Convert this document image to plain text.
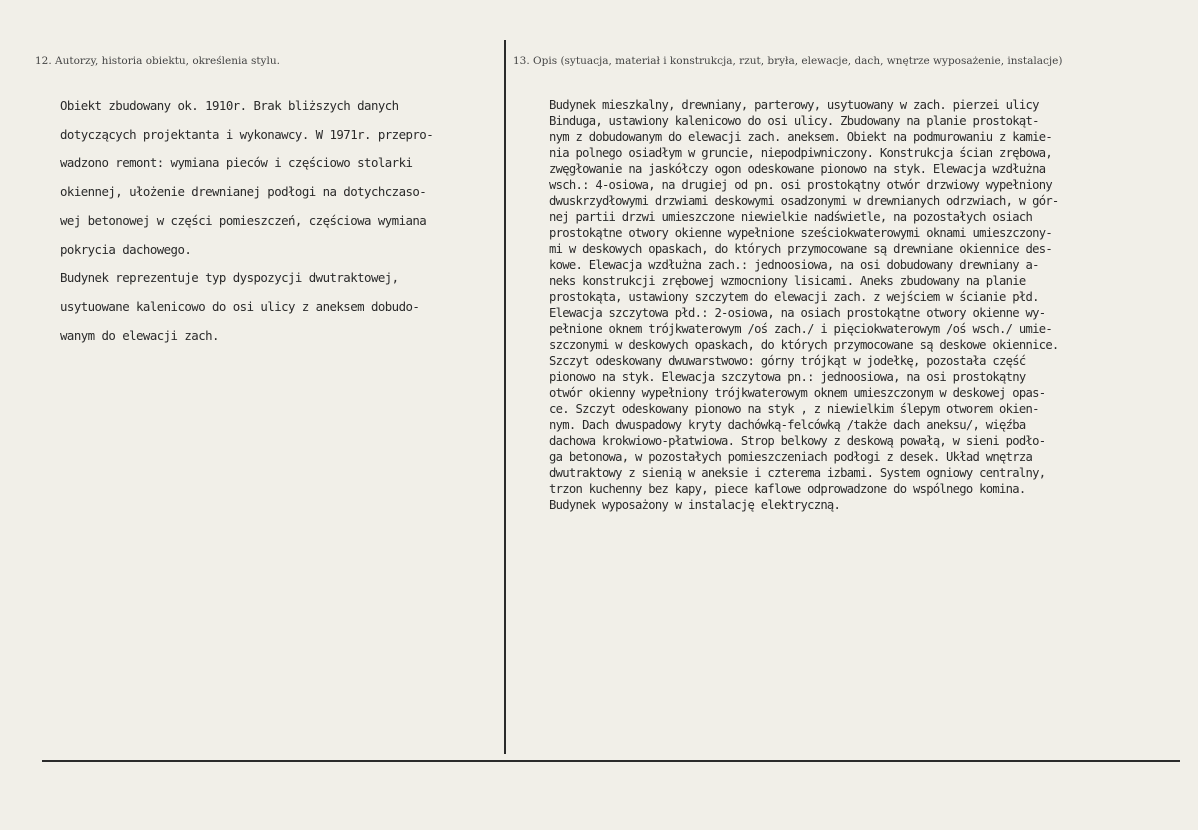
12. Autorzy, historia obiektu, określenia stylu.	13. Opis (sytuacja, materiał i konstrukcja, rzut, bryła, elewacje, dach, wnętrze wyposażenie, instalacje)
Obiekt zbudowany ok. 1910r. Brak bliższych danych
dotyczących projektanta i wykonawcy. W 1971r. przepro-
wadzono remont: wymiana pieców i częściowo stolarki
okiennej, ułożenie drewnianej podłogi na dotychczaso-
wej betonowej w części pomieszczeń, częściowa wymiana
pokrycia dachowego.
Budynek reprezentuje typ dyspozycji dwutraktowej,
usytuowane kalenicowo do osi ulicy z aneksem dobudo-
wanym do elewacji zach.
Budynek mieszkalny, drewniany, parterowy, usytuowany w zach. pierzei ulicy
Binduga, ustawiony kalenicowo do osi ulicy. Zbudowany na planie prostokąt-
nym z dobudowanym do elewacji zach. aneksem. Obiekt na podmurowaniu z kamie-
nia polnego osiadłym w gruncie, niepodpiwniczony. Konstrukcja ścian zrębowa,
zwęgłowanie na jaskółczy ogon odeskowane pionowo na styk. Elewacja wzdłużna
wsch.: 4-osiowa, na drugiej od pn. osi prostokątny otwór drzwiowy wypełniony
dwuskrzydłowymi drzwiami deskowymi osadzonymi w drewnianych odrzwiach, w gór-
nej partii drzwi umieszczone niewielkie nadświetle, na pozostałych osiach
prostokątne otwory okienne wypełnione sześciokwaterowymi oknami umieszczony-
mi w deskowych opaskach, do których przymocowane są drewniane okiennice des-
kowe. Elewacja wzdłużna zach.: jednoosiowa, na osi dobudowany drewniany a-
neks konstrukcji zrębowej wzmocniony lisicami. Aneks zbudowany na planie
prostokąta, ustawiony szczytem do elewacji zach. z wejściem w ścianie płd.
Elewacja szczytowa płd.: 2-osiowa, na osiach prostokątne otwory okienne wy-
pełnione oknem trójkwaterowym /oś zach./ i pięciokwaterowym /oś wsch./ umie-
szczonymi w deskowych opaskach, do których przymocowane są deskowe okiennice.
Szczyt odeskowany dwuwarstwowo: górny trójkąt w jodełkę, pozostała część
pionowo na styk. Elewacja szczytowa pn.: jednoosiowa, na osi prostokątny
otwór okienny wypełniony trójkwaterowym oknem umieszczonym w deskowej opas-
ce. Szczyt odeskowany pionowo na styk , z niewielkim ślepym otworem okien-
nym. Dach dwuspadowy kryty dachówką-felcówką /także dach aneksu/, więźba
dachowa krokwiowo-płatwiowa. Strop belkowy z deskową powałą, w sieni podło-
ga betonowa, w pozostałych pomieszczeniach podłogi z desek. Układ wnętrza
dwutraktowy z sienią w aneksie i czterema izbami. System ogniowy centralny,
trzon kuchenny bez kapy, piece kaflowe odprowadzone do wspólnego komina.
Budynek wyposażony w instalację elektryczną.
